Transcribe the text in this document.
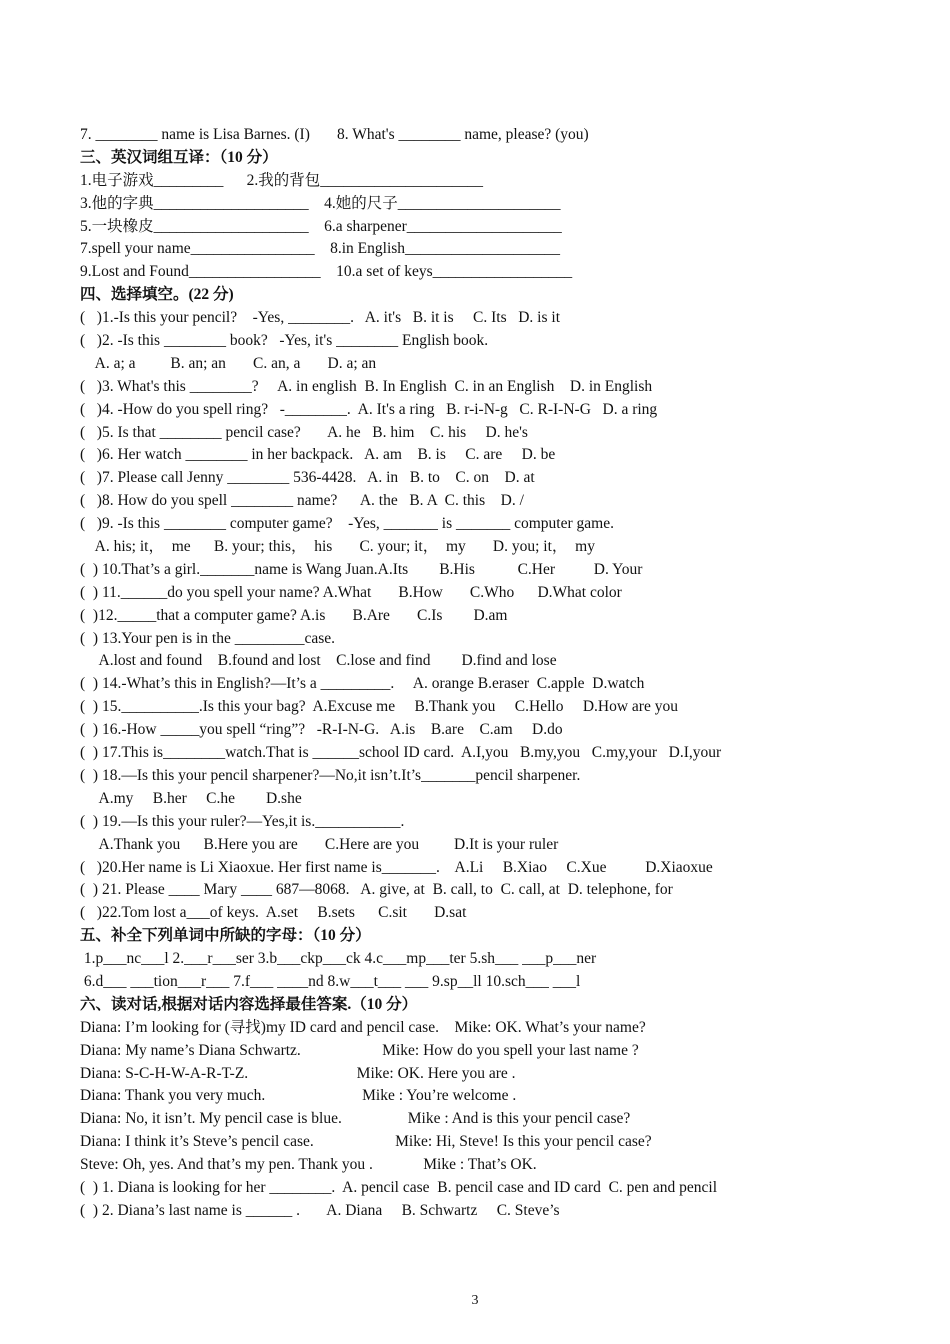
7. ________ name is Lisa Barnes. (I)       8. What's ________ name, please? (you)
三、英汉词组互译：（10 分）
1.电子游戏_________      2.我的背包_____________________
3.他的字典____________________    4.她的尺子_____________________
5.一块橡皮____________________    6.a sharpener____________________
7.spell your name________________    8.in English____________________
9.Lost and Found_________________    10.a set of keys__________________
四、选择填空。(22 分)
(   )1.-Is this your pencil?    -Yes, ________.   A. it's   B. it is     C. Its   D. is it
(   )2. -Is this ________ book?   -Yes, it's ________ English book.
A. a; a         B. an; an       C. an, a       D. a; an
(   )3. What's this ________?     A. in english  B. In English  C. in an English    D. in English
(   )4. -How do you spell ring?   -________.  A. It's a ring   B. r-i-N-g   C. R-I-N-G   D. a ring
(   )5. Is that ________ pencil case?       A. he   B. him    C. his     D. he's
(   )6. Her watch ________ in her backpack.   A. am    B. is     C. are     D. be
(   )7. Please call Jenny ________ 536-4428.   A. in   B. to    C. on    D. at
(   )8. How do you spell ________ name?      A. the   B. A  C. this    D. /
(   )9. -Is this ________ computer game?    -Yes, _______ is _______ computer game.
A. his; it，  me      B. your; this，  his       C. your; it，  my       D. you; it，  my
(  ) 10.That’s a girl._______name is Wang Juan.A.Its        B.His           C.Her          D. Your
(  ) 11.______do you spell your name? A.What       B.How       C.Who      D.What color
(  )12._____that a computer game? A.is       B.Are       C.Is        D.am
(  ) 13.Your pen is in the _________case.
A.lost and found    B.found and lost    C.lose and find        D.find and lose
(  ) 14.-What’s this in English?—It’s a _________.     A. orange B.eraser  C.apple  D.watch
(  ) 15.__________.Is this your bag?  A.Excuse me     B.Thank you     C.Hello     D.How are you
(  ) 16.-How _____you spell “ring”?   -R-I-N-G.   A.is    B.are    C.am     D.do
(  ) 17.This is________watch.That is ______school ID card.  A.I,you   B.my,you   C.my,your   D.I,your
(  ) 18.—Is this your pencil sharpener?—No,it isn’t.It’s_______pencil sharpener.
A.my     B.her     C.he        D.she
(  ) 19.—Is this your ruler?—Yes,it is.___________.
A.Thank you      B.Here you are       C.Here are you         D.It is your ruler
(   )20.Her name is Li Xiaoxue. Her first name is_______.    A.Li     B.Xiao     C.Xue          D.Xiaoxue
(  ) 21. Please ____ Mary ____ 687—8068.   A. give, at  B. call, to  C. call, at  D. telephone, for
(   )22.Tom lost a___of keys.  A.set     B.sets      C.sit       D.sat
五、补全下列单词中所缺的字母：（10 分）
1.p___nc___l 2.___r___ser 3.b___ckp___ck 4.c___mp___ter 5.sh___ ___p___ner
6.d___ ___tion___r___ 7.f___ ____nd 8.w___t___ ___ 9.sp__ll 10.sch___ ___l
六、读对话,根据对话内容选择最佳答案.（10 分）
Diana: I’m looking for (寻找)my ID card and pencil case.    Mike: OK. What’s your name?
Diana: My name’s Diana Schwartz.                     Mike: How do you spell your last name ?
Diana: S-C-H-W-A-R-T-Z.                            Mike: OK. Here you are .
Diana: Thank you very much.                         Mike : You’re welcome .
Diana: No, it isn’t. My pencil case is blue.                 Mike : And is this your pencil case?
Diana: I think it’s Steve’s pencil case.                     Mike: Hi, Steve! Is this your pencil case?
Steve: Oh, yes. And that’s my pen. Thank you .             Mike : That’s OK.
(  ) 1. Diana is looking for her ________.  A. pencil case  B. pencil case and ID card  C. pen and pencil
(  ) 2. Diana’s last name is ______ .       A. Diana     B. Schwartz     C. Steve’s
3
